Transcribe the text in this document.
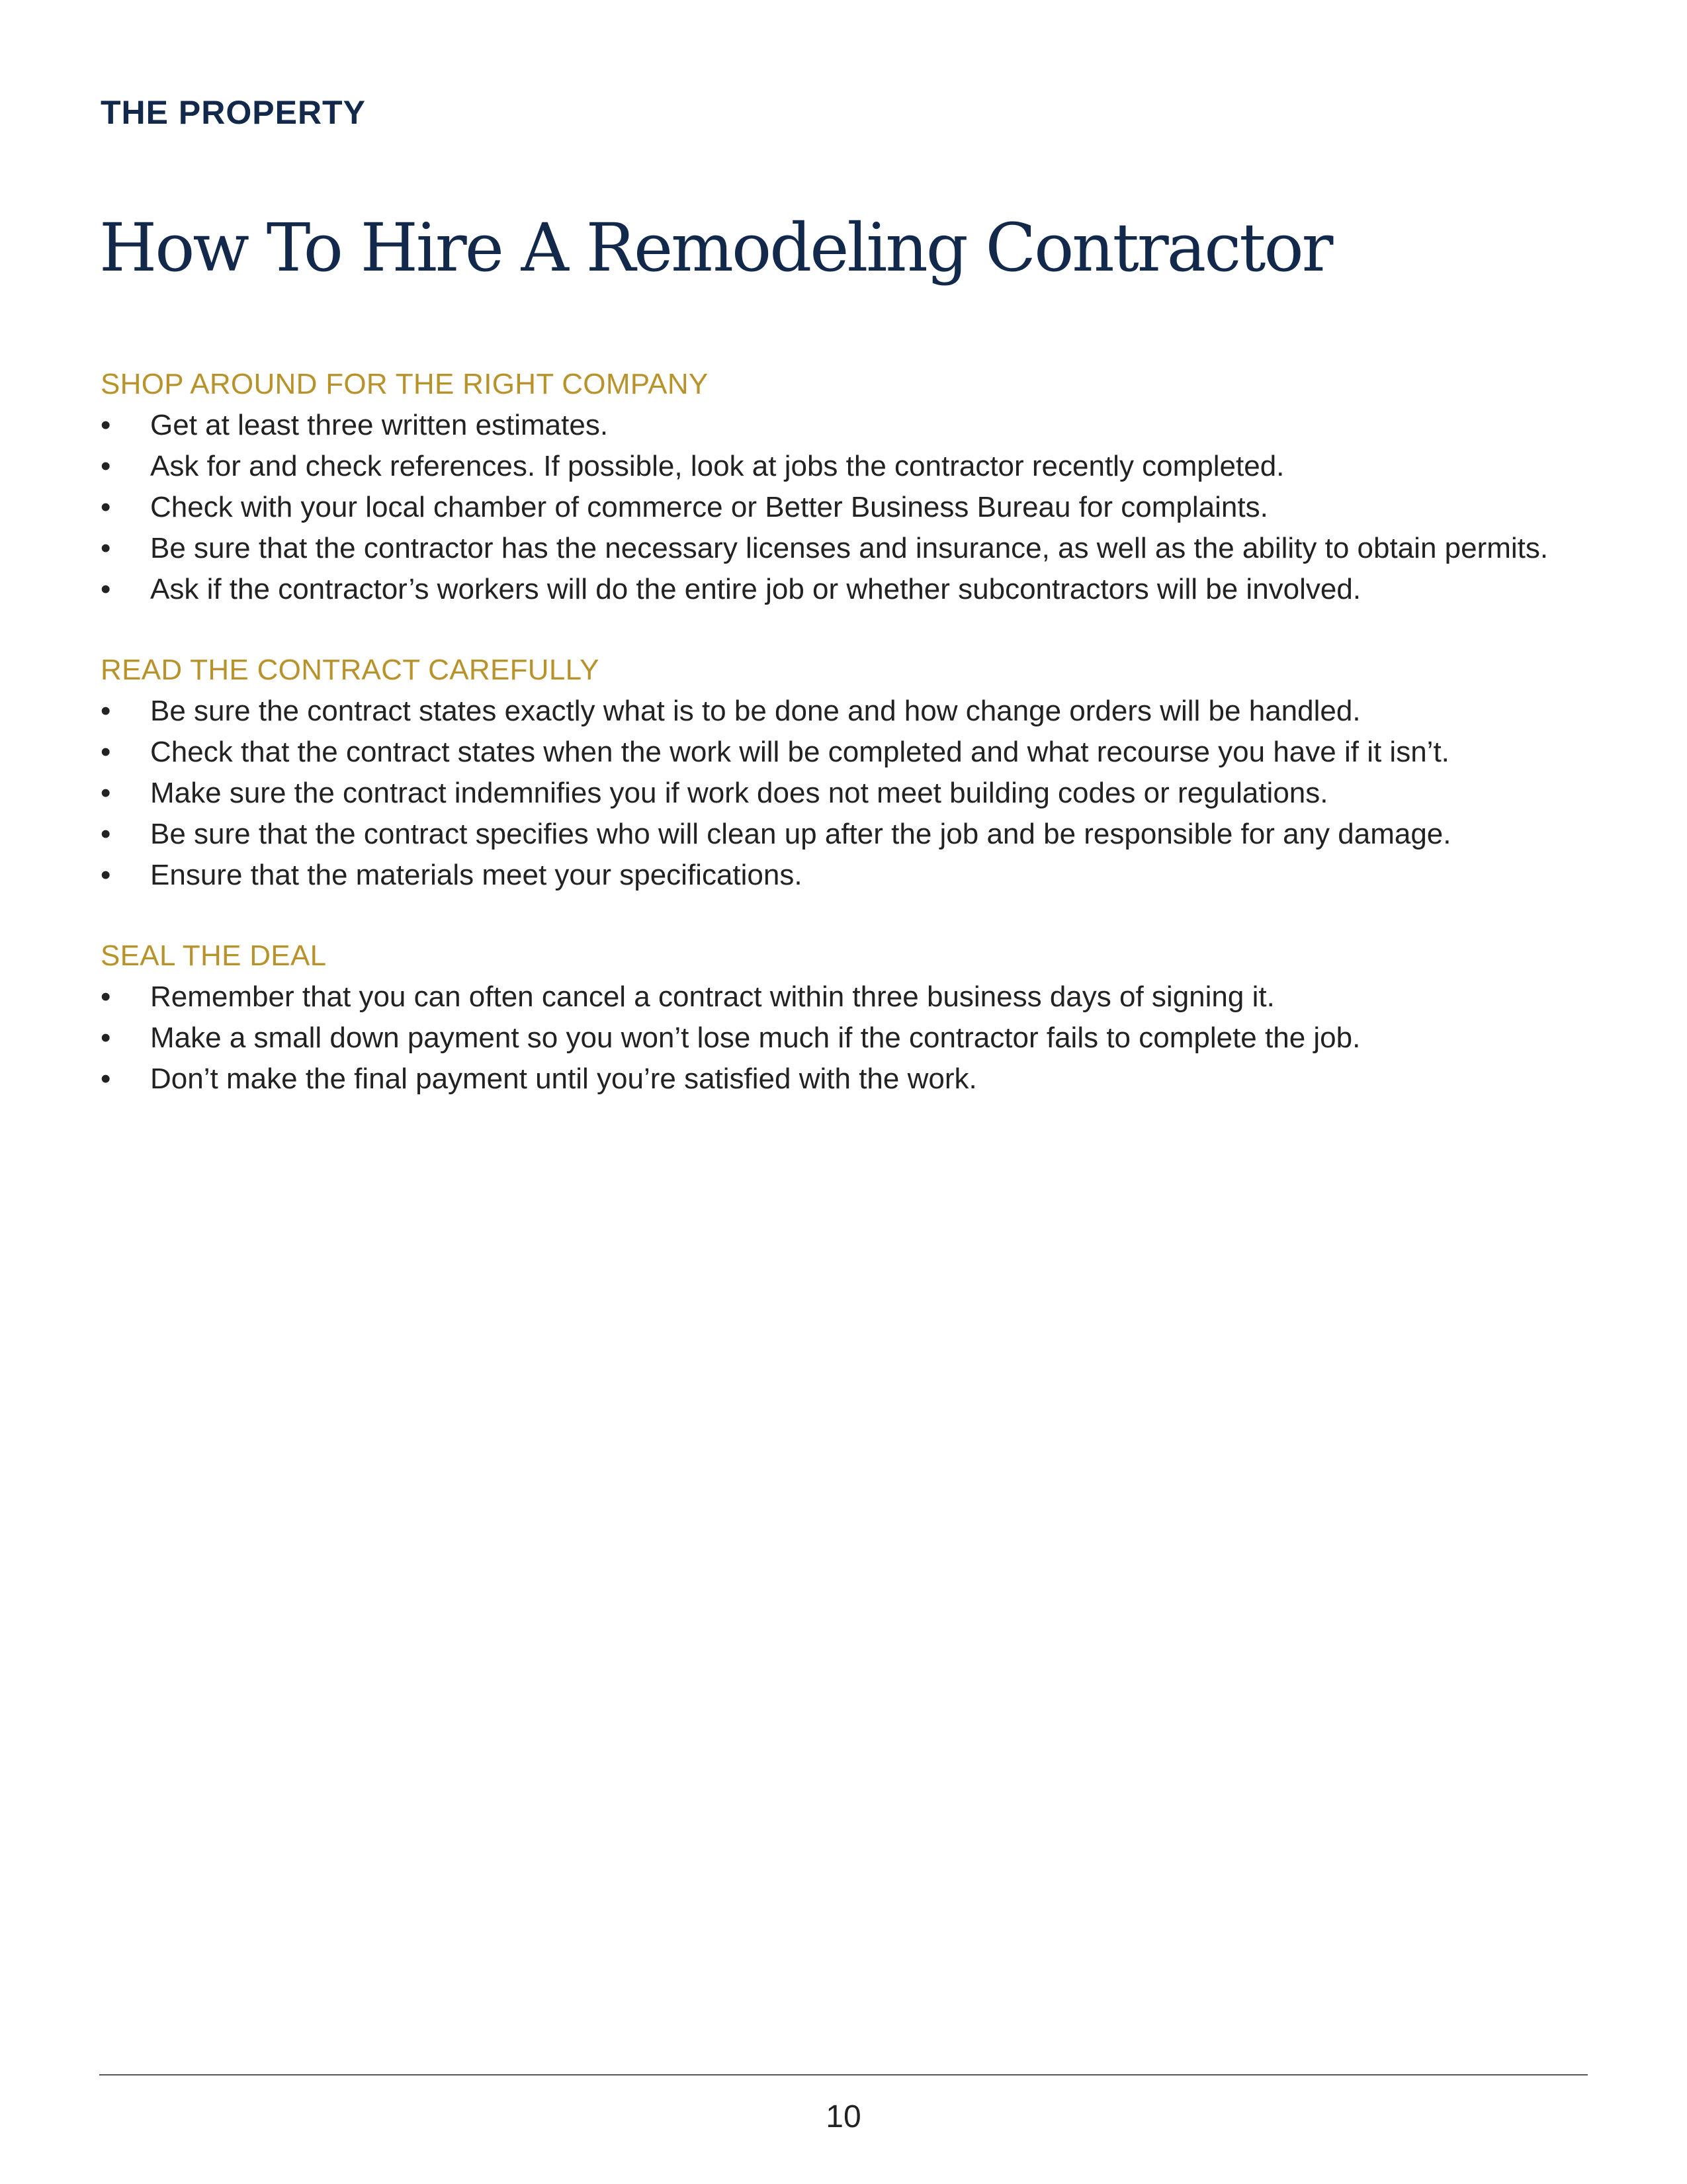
THE PROPERTY
How To Hire A Remodeling Contractor
SHOP AROUND FOR THE RIGHT COMPANY
•	Get at least three written estimates.
•	Ask for and check references. If possible, look at jobs the contractor recently completed.
•	Check with your local chamber of commerce or Better Business Bureau for complaints.
•	Be sure that the contractor has the necessary licenses and insurance, as well as the ability to obtain permits.
•	Ask if the contractor’s workers will do the entire job or whether subcontractors will be involved.
READ THE CONTRACT CAREFULLY
•	Be sure the contract states exactly what is to be done and how change orders will be handled.
•	Check that the contract states when the work will be completed and what recourse you have if it isn’t.
•	Make sure the contract indemnifies you if work does not meet building codes or regulations.
•	Be sure that the contract specifies who will clean up after the job and be responsible for any damage.
•	Ensure that the materials meet your specifications.
SEAL THE DEAL
•	Remember that you can often cancel a contract within three business days of signing it.
•	Make a small down payment so you won’t lose much if the contractor fails to complete the job.
•	Don’t make the final payment until you’re satisfied with the work.
10
